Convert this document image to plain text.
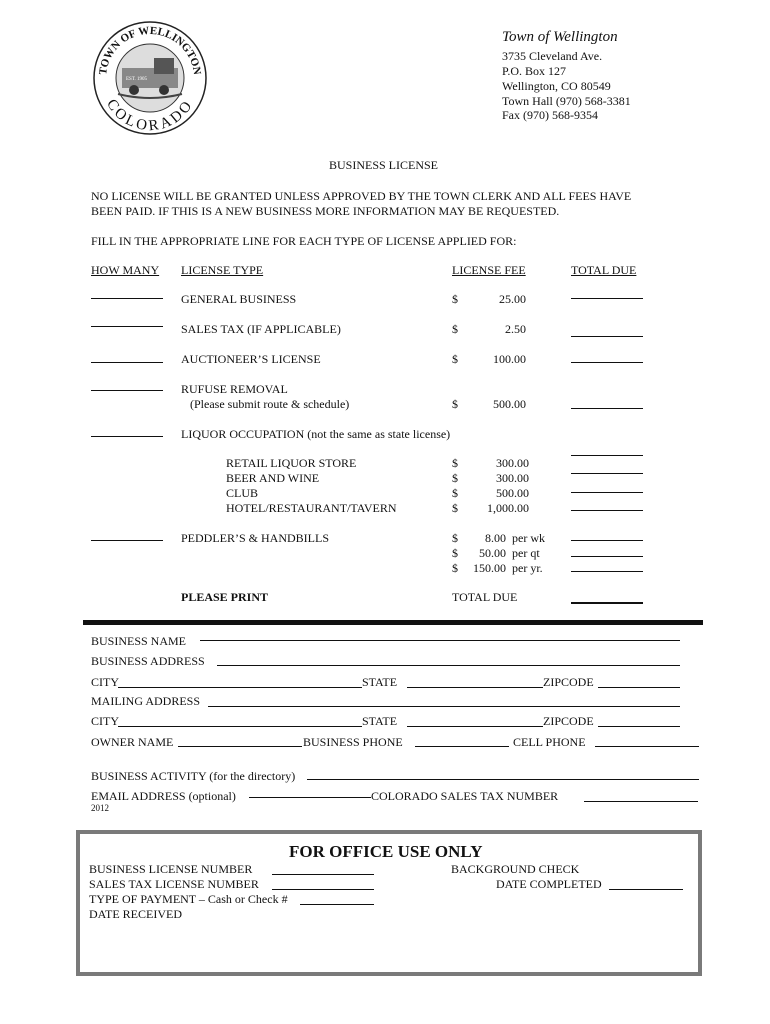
TOWN OF WELLINGTON
COLORADO
EST. 1905
Town of Wellington
3735 Cleveland Ave.
P.O. Box 127
Wellington, CO 80549
Town Hall (970) 568-3381
Fax (970) 568-9354
BUSINESS LICENSE
NO LICENSE WILL BE GRANTED UNLESS APPROVED BY THE TOWN CLERK AND ALL FEES HAVE
BEEN PAID. IF THIS IS A NEW BUSINESS MORE INFORMATION MAY BE REQUESTED.
FILL IN THE APPROPRIATE LINE FOR EACH TYPE OF LICENSE APPLIED FOR:
HOW MANY LICENSE TYPE	LICENSE FEE	TOTAL DUE
GENERAL BUSINESS	$	25.00
SALES TAX (IF APPLICABLE)	$	2.50
AUCTIONEER’S LICENSE	$	100.00
RUFUSE REMOVAL
(Please submit route & schedule)	$	500.00
LIQUOR OCCUPATION (not the same as state license)
RETAIL LIQUOR STORE	$	300.00
BEER AND WINE	$	300.00
CLUB	$	500.00
HOTEL/RESTAURANT/TAVERN	$	1,000.00
PEDDLER’S & HANDBILLS	$	8.00 per wk
$	50.00 per qt
$	150.00 per yr.
PLEASE PRINT	TOTAL DUE
BUSINESS NAME
BUSINESS ADDRESS
CITY	STATE	ZIPCODE
MAILING ADDRESS
CITY	STATE	ZIPCODE
OWNER NAME	BUSINESS PHONE	CELL PHONE
BUSINESS ACTIVITY (for the directory)
EMAIL ADDRESS (optional)	COLORADO SALES TAX NUMBER
2012
FOR OFFICE USE ONLY
BUSINESS LICENSE NUMBER
SALES TAX LICENSE NUMBER
TYPE OF PAYMENT – Cash or Check #
DATE RECEIVED
BACKGROUND CHECK
DATE COMPLETED
